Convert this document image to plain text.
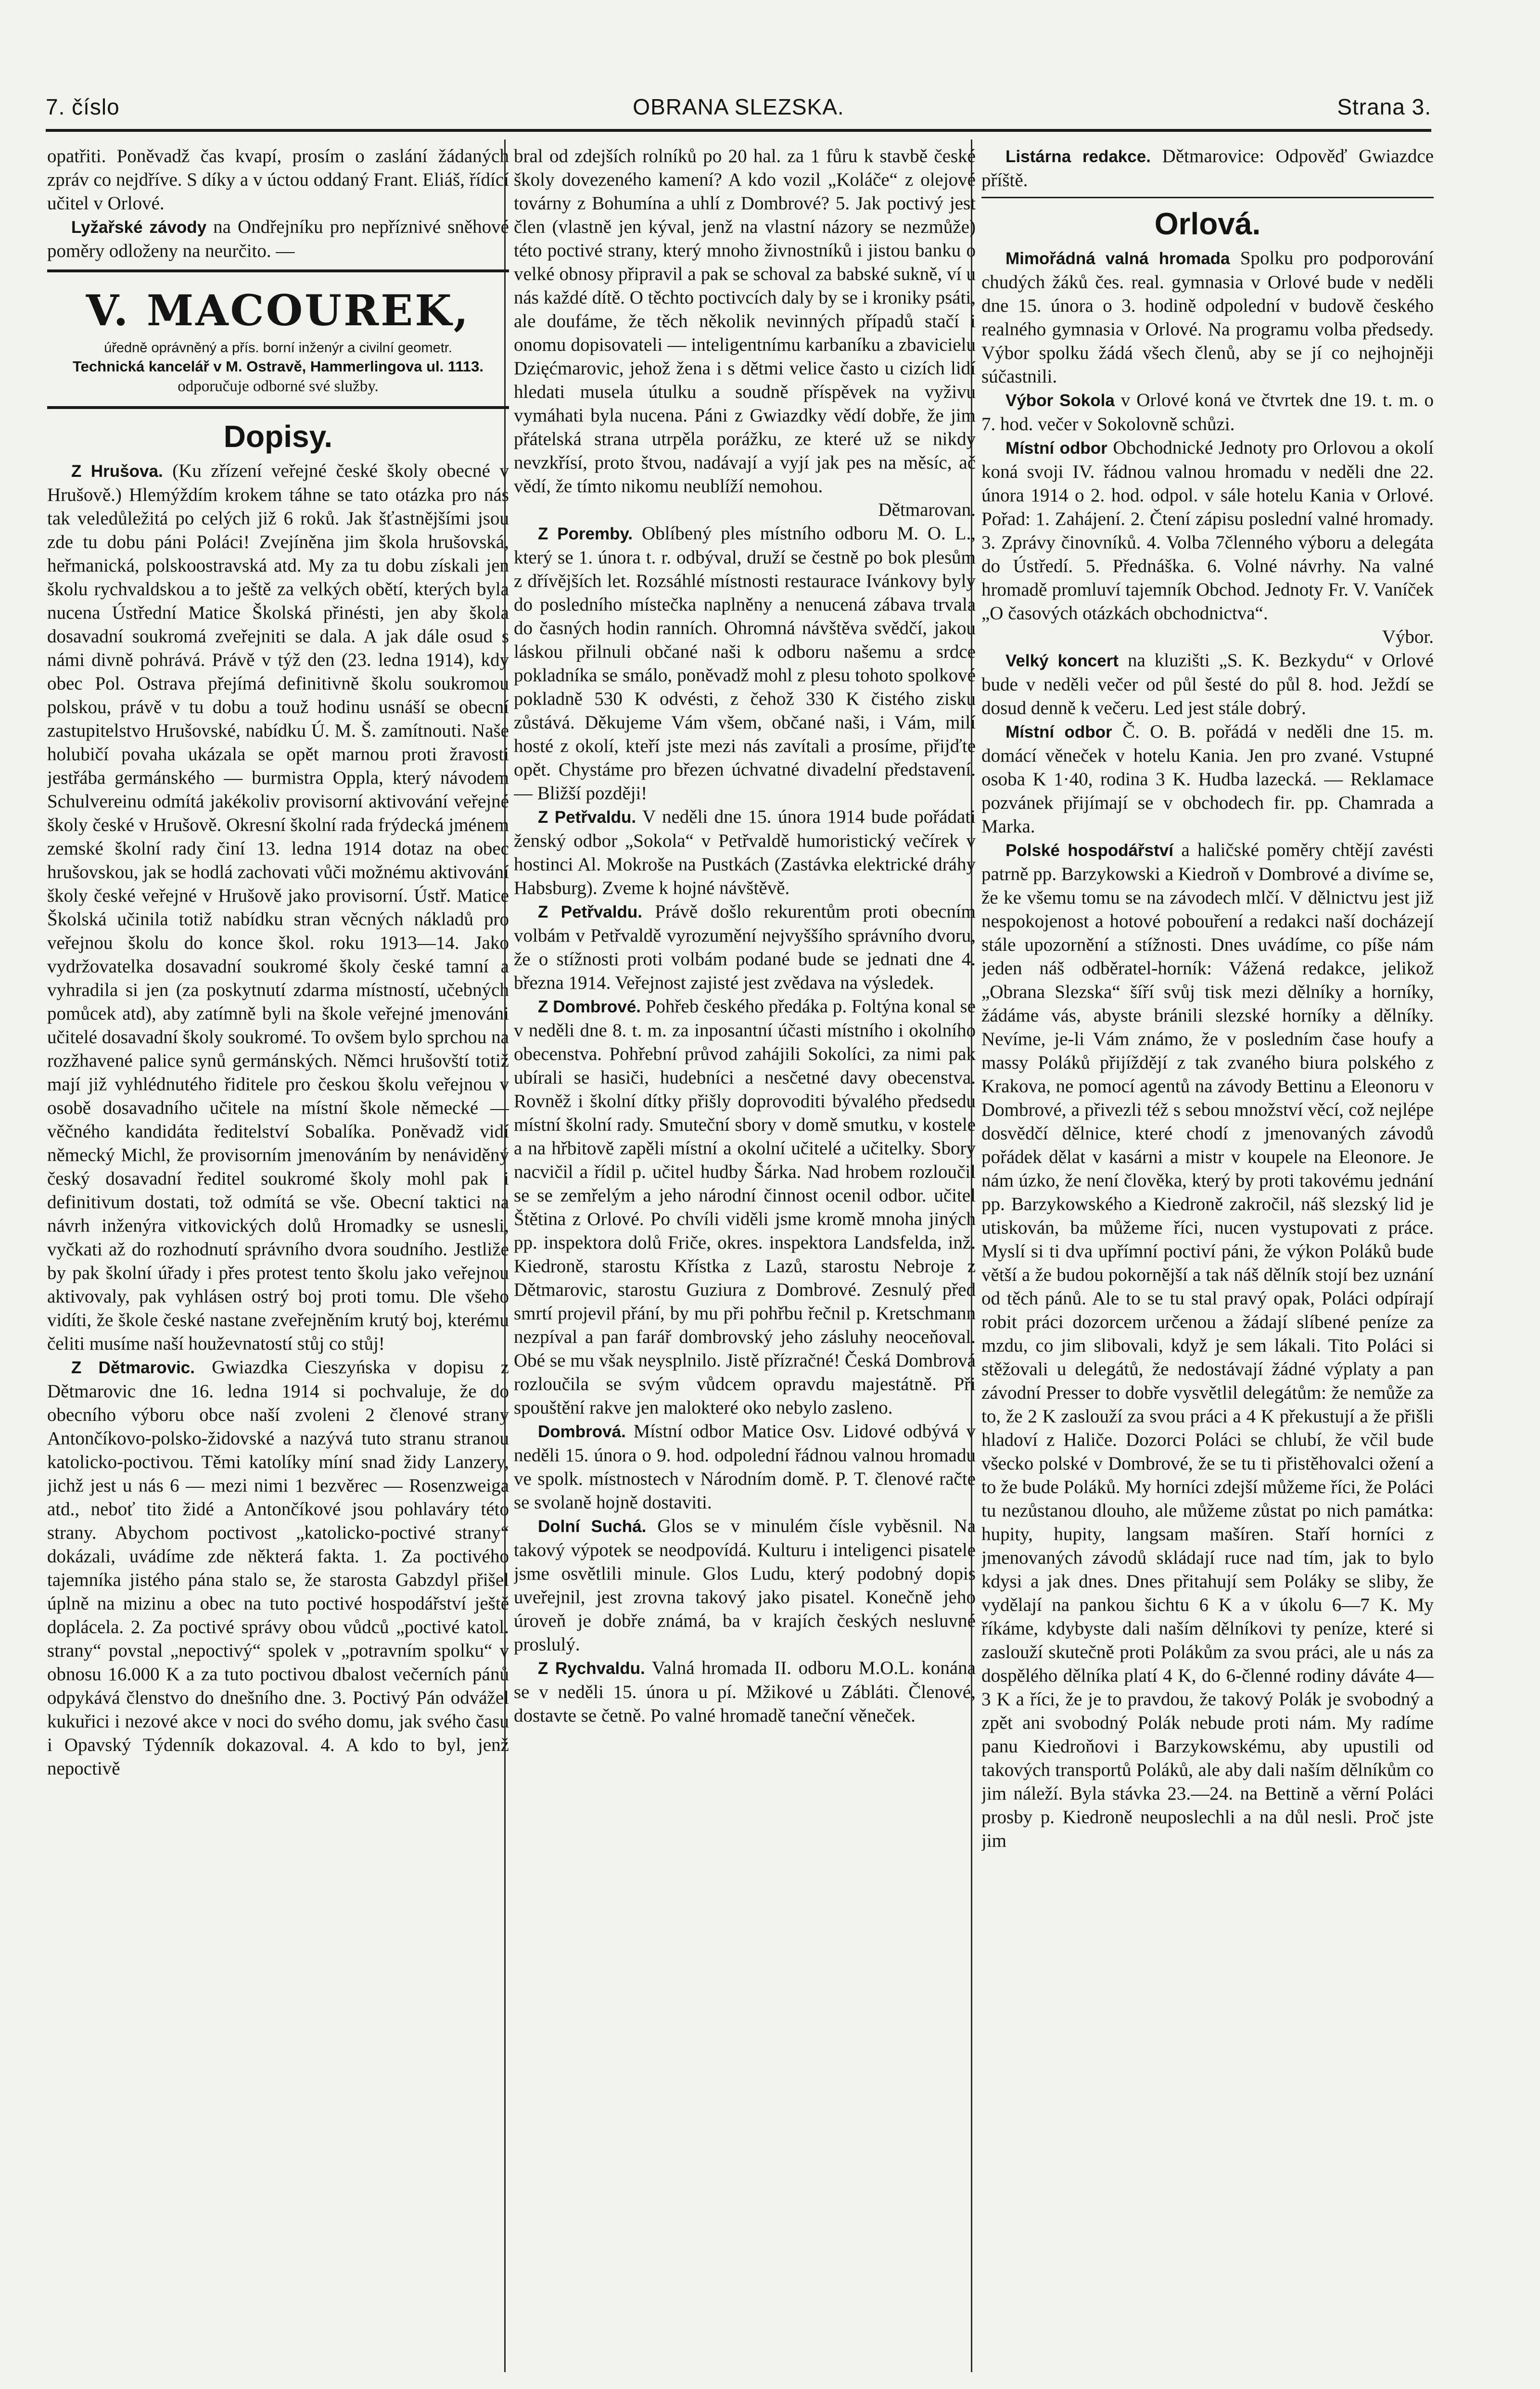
7. číslo	OBRANA SLEZSKA.	Strana 3.

opatřiti. Poněvadž čas kvapí, prosím o zaslání žádaných zpráv co nejdříve. S díky a v úctou oddaný Frant. Eliáš, řídící učitel v Orlové.

Lyžařské závody na Ondřejníku pro nepříznivé sněhové poměry odloženy na neurčito. —

V. MACOUREK,
úředně oprávněný a přís. borní inženýr a civilní geometr.
Technická kancelář v M. Ostravě, Hammerlingova ul. 1113.
odporučuje odborné své služby.
Dopisy.

Z Hrušova. (Ku zřízení veřejné české školy obecné v Hrušově.) Hlemýždím krokem táhne se tato otázka pro nás tak veledůležitá po celých již 6 roků. Jak šťastnějšími jsou zde tu dobu páni Poláci! Zvejíněna jim škola hrušovská, heřmanická, polskoostravská atd. My za tu dobu získali jen školu rychvaldskou a to ještě za velkých obětí, kterých byla nucena Ústřední Matice Školská přinésti, jen aby škola dosavadní soukromá zveřejniti se dala. A jak dále osud s námi divně pohrává. Právě v týž den (23. ledna 1914), kdy obec Pol. Ostrava přejímá definitivně školu soukromou polskou, právě v tu dobu a touž hodinu usnáší se obecní zastupitelstvo Hrušovské, nabídku Ú. M. Š. zamítnouti. Naše holubičí povaha ukázala se opět marnou proti žravosti jestřába germánského — burmistra Opplа, který návodem Schulvereinu odmítá jakékoliv provisorní aktivování veřejné školy české v Hrušově. Okresní školní rada frýdecká jménem zemské školní rady činí 13. ledna 1914 dotaz na obec hrušovskou, jak se hodlá zachovati vůči možnému aktivování školy české veřejné v Hrušově jako provisorní. Ústř. Matice Školská učinila totiž nabídku stran věcných nákladů pro veřejnou školu do konce škol. roku 1913—14. Jako vydržovatelka dosavadní soukromé školy české tamní a vyhradila si jen (za poskytnutí zdarma místností, učebných pomůcek atd), aby zatímně byli na škole veřejné jmenováni učitelé dosavadní školy soukromé. To ovšem bylo sprchou na rozžhavené palice synů germánských. Němci hrušovští totiž mají již vyhlédnutého řiditele pro českou školu veřejnou v osobě dosavadního učitele na místní škole německé — věčného kandidáta ředitelství Sobalíka. Poněvadž vidí německý Michl, že provisorním jmenováním by nenáviděný český dosavadní ředitel soukromé školy mohl pak i definitivum dostati, tož odmítá se vše. Obecní taktici na návrh inženýra vitkovických dolů Hromadky se usnesli, vyčkati až do rozhodnutí správního dvora soudního. Jestliže by pak školní úřady i přes protest tento školu jako veřejnou aktivovaly, pak vyhlásen ostrý boj proti tomu. Dle všeho vidíti, že škole české nastane zveřejněním krutý boj, kterému čeliti musíme naší houževnatostí stůj co stůj!

Z Dětmarovic. Gwiazdka Cieszyńska v dopisu z Dětmarovic dne 16. ledna 1914 si pochvaluje, že do obecního výboru obce naší zvoleni 2 členové strany Antončíkovo-polsko-židovské a nazývá tuto stranu stranou katolicko-poctivou. Těmi katolíky míní snad židy Lanzery, jichž jest u nás 6 — mezi nimi 1 bezvěrec — Rosenzweiga atd., neboť tito židé a Antončíkové jsou pohlaváry této strany. Abychom poctivost „katolicko-poctivé strany“ dokázali, uvádíme zde některá fakta. 1. Za poctivého tajemníka jistého pána stalo se, že starosta Gabzdyl přišel úplně na mizinu a obec na tuto poctivé hospodářství ještě doplácela. 2. Za poctivé správy obou vůdců „poctivé katol. strany“ povstal „nepoctivý“ spolek v „potravním spolku“ v obnosu 16.000 K a za tuto poctivou dbalost večerních pánů odpykává členstvo do dnešního dne. 3. Poctivý Pán odvážel kukuřici i nezové akce v noci do svého domu, jak svého času i Opavský Týdenník dokazoval. 4. A kdo to byl, jenž nepoctivě

bral od zdejších rolníků po 20 hal. za 1 fůru k stavbě české školy dovezeného kamení? A kdo vozil „Koláče“ z olejové továrny z Bohumína a uhlí z Dombrové? 5. Jak poctivý jest člen (vlastně jen kýval, jenž na vlastní názory se nezmůže) této poctivé strany, který mnoho živnostníků i jistou banku o velké obnosy připravil a pak se schoval za babské sukně, ví u nás každé dítě. O těchto poctivcích daly by se i kroniky psáti, ale doufáme, že těch několik nevinných případů stačí i onomu dopisovateli — inteligentnímu karbaníku a zbavicielu Dzięćmarovic, jehož žena i s dětmi velice často u cizích lidí hledati musela útulku a soudně příspěvek na vyživu vymáhati byla nucena. Páni z Gwiazdky vědí dobře, že jim přátelská strana utrpěla porážku, ze které už se nikdy nevzkřísí, proto štvou, nadávají a vyjí jak pes na měsíc, ač vědí, že tímto nikomu neublíží nemohou.

Dětmarovan.

Z Poremby. Oblíbený ples místního odboru M. O. L., který se 1. února t. r. odbýval, druží se čestně po bok plesům z dřívějších let. Rozsáhlé místnosti restaurace Ivánkovy byly do posledního místečka naplněny a nenucená zábava trvala do časných hodin ranních. Ohromná návštěva svědčí, jakou láskou přilnuli občané naši k odboru našemu a srdce pokladníka se smálo, poněvadž mohl z plesu tohoto spolkové pokladně 530 K odvésti, z čehož 330 K čistého zisku zůstává. Děkujeme Vám všem, občané naši, i Vám, milí hosté z okolí, kteří jste mezi nás zavítali a prosíme, přijďte opět. Chystáme pro březen úchvatné divadelní představení. — Bližší později!

Z Petřvaldu. V neděli dne 15. února 1914 bude pořádati ženský odbor „Sokola“ v Petřvaldě humoristický večírek v hostinci Al. Mokroše na Pustkách (Zastávka elektrické dráhy Habsburg). Zveme k hojné návštěvě.

Z Petřvaldu. Právě došlo rekurentům proti obecním volbám v Petřvaldě vyrozumění nejvyššího správního dvoru, že o stížnosti proti volbám podané bude se jednati dne 4. března 1914. Veřejnost zajisté jest zvědava na výsledek.

Z Dombrové. Pohřeb českého předáka p. Foltýna konal se v neděli dne 8. t. m. za inposantní účasti místního i okolního obecenstva. Pohřební průvod zahájili Sokolíci, za nimi pak ubírali se hasiči, hudebníci a nesčetné davy obecenstva. Rovněž i školní dítky přišly doprovoditi bývalého předsedu místní školní rady. Smuteční sbory v domě smutku, v kostele a na hřbitově zapěli místní a okolní učitelé a učitelky. Sbory nacvičil a řídil p. učitel hudby Šárka. Nad hrobem rozloučil se se zemřelým a jeho národní činnost ocenil odbor. učitel Štětina z Orlové. Po chvíli viděli jsme kromě mnoha jiných pp. inspektora dolů Friče, okres. inspektora Landsfelda, inž. Kiedroně, starostu Křístka z Lazů, starostu Nebroje z Dětmarovic, starostu Guziura z Dombrové. Zesnulý před smrtí projevil přání, by mu při pohřbu řečnil p. Kretschmann nezpíval a pan farář dombrovský jeho zásluhy neoceňoval. Obé se mu však neysplnilo. Jistě přízračné! Česká Dombrová rozloučila se svým vůdcem opravdu majestátně. Při spouštění rakve jen malokteré oko nebylo zasleno.

Dombrová. Místní odbor Matice Osv. Lidové odbývá v neděli 15. února o 9. hod. odpolední řádnou valnou hromadu ve spolk. místnostech v Národním domě. P. T. členové račte se svolaně hojně dostaviti.

Dolní Suchá. Glos se v minulém čísle vyběsnil. Na takový výpotek se neodpovídá. Kulturu i inteligenci pisatele jsme osvětlili minule. Glos Ludu, který podobný dopis uveřejnil, jest zrovna takový jako pisatel. Konečně jeho úroveň je dobře známá, ba v krajích českých nesluvné proslulý.

Z Rychvaldu. Valná hromada II. odboru M.O.L. konána se v neděli 15. února u pí. Mžikové u Zábláti. Členové, dostavte se četně. Po valné hromadě taneční věneček.

Listárna redakce. Dětmarovice: Odpověď Gwiazdce příště.

Orlová.

Mimořádná valná hromada Spolku pro podporování chudých žáků čes. real. gymnasia v Orlové bude v neděli dne 15. února o 3. hodině odpolední v budově českého realného gymnasia v Orlové. Na programu volba předsedy. Výbor spolku žádá všech členů, aby se jí co nejhojněji súčastnili.

Výbor Sokola v Orlové koná ve čtvrtek dne 19. t. m. o 7. hod. večer v Sokolovně schůzi.

Místní odbor Obchodnické Jednoty pro Orlovou a okolí koná svoji IV. řádnou valnou hromadu v neděli dne 22. února 1914 o 2. hod. odpol. v sále hotelu Kania v Orlové. Pořad: 1. Zahájení. 2. Čtení zápisu poslední valné hromady. 3. Zprávy činovníků. 4. Volba 7členného výboru a delegáta do Ústředí. 5. Přednáška. 6. Volné návrhy. Na valné hromadě promluví tajemník Obchod. Jednoty Fr. V. Vaníček „O časových otázkách obchodnictva“.

Výbor.

Velký koncert na kluzišti „S. K. Bezkydu“ v Orlové bude v neděli večer od půl šesté do půl 8. hod. Ježdí se dosud denně k večeru. Led jest stále dobrý.

Místní odbor Č. O. B. pořádá v neděli dne 15. m. domácí věneček v hotelu Kania. Jen pro zvané. Vstupné osoba K 1·40, rodina 3 K. Hudba lazecká. — Reklamace pozvánek přijímají se v obchodech fir. pp. Chamrada a Marka.

Polské hospodářství a haličské poměry chtějí zavésti patrně pp. Barzykowski a Kiedroň v Dombrové a divíme se, že ke všemu tomu se na závodech mlčí. V dělnictvu jest již nespokojenost a hotové pobouření a redakci naší docházejí stále upozornění a stížnosti. Dnes uvádíme, co píše nám jeden náš odběratel-horník: Vážená redakce, jelikož „Obrana Slezska“ šíří svůj tisk mezi dělníky a horníky, žádáme vás, abyste bránili slezské horníky a dělníky. Nevíme, je-li Vám známo, že v posledním čase houfy a massy Poláků přijíždějí z tak zvaného biura polského z Krakova, ne pomocí agentů na závody Bettinu a Eleonoru v Dombrové, a přivezli též s sebou množství věcí, což nejlépe dosvědčí dělnice, které chodí z jmenovaných závodů pořádek dělat v kasárni a mistr v koupele na Eleonore. Je nám úzko, že není člověka, který by proti takovému jednání pp. Barzykowského a Kiedroně zakročil, náš slezský lid je utiskován, ba můžeme říci, nucen vystupovati z práce. Myslí si ti dva upřímní poctiví páni, že výkon Poláků bude větší a že budou pokornější a tak náš dělník stojí bez uznání od těch pánů. Ale to se tu stal pravý opak, Poláci odpírají robit práci dozorcem určenou a žádají slíbené peníze za mzdu, co jim slibovali, když je sem lákali. Tito Poláci si stěžovali u delegátů, že nedostávají žádné výplaty a pan závodní Presser to dobře vysvětlil delegátům: že nemůže za to, že 2 K zaslouží za svou práci a 4 K překustují a že přišli hladoví z Haliče. Dozorci Poláci se chlubí, že včil bude všecko polské v Dombrové, že se tu ti přistěhovalci ožení a to že bude Poláků. My horníci zdejší můžeme říci, že Poláci tu nezůstanou dlouho, ale můžeme zůstat po nich památka: hupity, hupity, langsam mašíren. Staří horníci z jmenovaných závodů skládají ruce nad tím, jak to bylo kdysi a jak dnes. Dnes přitahují sem Poláky se sliby, že vydělají na pankou šichtu 6 K a v úkolu 6—7 K. My říkáme, kdybyste dali naším dělníkovi ty peníze, které si zaslouží skutečně proti Polákům za svou práci, ale u nás za dospělého dělníka platí 4 K, do 6-členné rodiny dáváte 4—3 K a říci, že je to pravdou, že takový Polák je svobodný a zpět ani svobodný Polák nebude proti nám. My radíme panu Kiedroňovi i Barzykowskému, aby upustili od takových transportů Poláků, ale aby dali naším dělníkům co jim náleží. Byla stávka 23.—24. na Bettině a věrní Poláci prosby p. Kiedroně neuposlechli a na důl nesli. Proč jste jim
